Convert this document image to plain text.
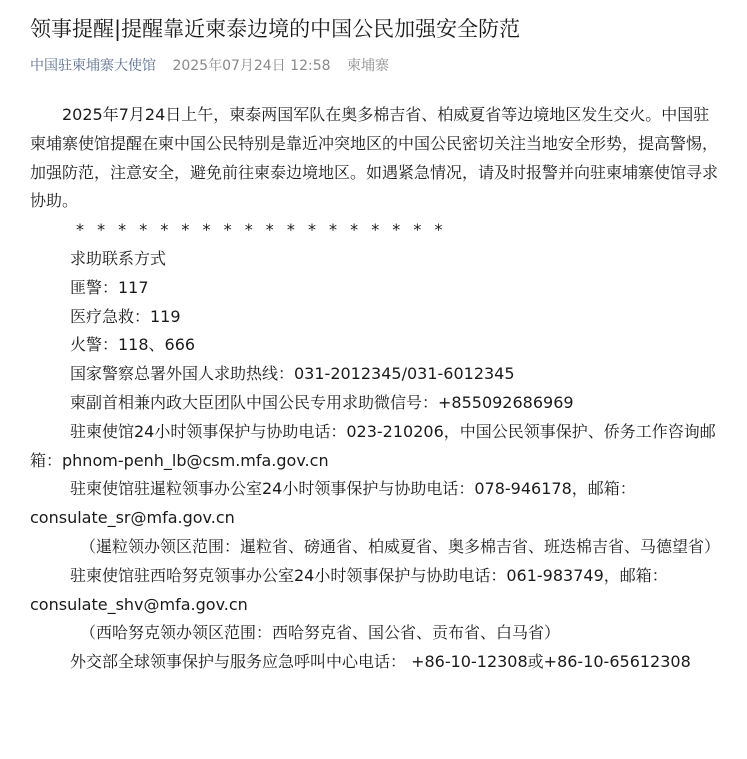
领事提醒|提醒靠近柬泰边境的中国公民加强安全防范
中国驻柬埔寨大使馆 2025年07月24日 12:58 柬埔寨

2025年7月24日上午，柬泰两国军队在奥多棉吉省、柏威夏省等边境地区发生交火。中国驻柬埔寨使馆提醒在柬中国公民特别是靠近冲突地区的中国公民密切关注当地安全形势，提高警惕，加强防范，注意安全，避免前往柬泰边境地区。如遇紧急情况，请及时报警并向驻柬埔寨使馆寻求协助。

* * * * * * * * * * * * * * * * * *

求助联系方式

匪警：117

医疗急救：119

火警：118、666

国家警察总署外国人求助热线：031-2012345/031-6012345

柬副首相兼内政大臣团队中国公民专用求助微信号：+855092686969

驻柬使馆24小时领事保护与协助电话：023-210206，中国公民领事保护、侨务工作咨询邮箱：phnom-penh_lb@csm.mfa.gov.cn

驻柬使馆驻暹粒领事办公室24小时领事保护与协助电话：078-946178，邮箱：consulate_sr@mfa.gov.cn

（暹粒领办领区范围：暹粒省、磅通省、柏威夏省、奥多棉吉省、班迭棉吉省、马德望省）

驻柬使馆驻西哈努克领事办公室24小时领事保护与协助电话：061-983749，邮箱：consulate_shv@mfa.gov.cn

（西哈努克领办领区范围：西哈努克省、国公省、贡布省、白马省）

外交部全球领事保护与服务应急呼叫中心电话： +86-10-12308或+86-10-65612308
